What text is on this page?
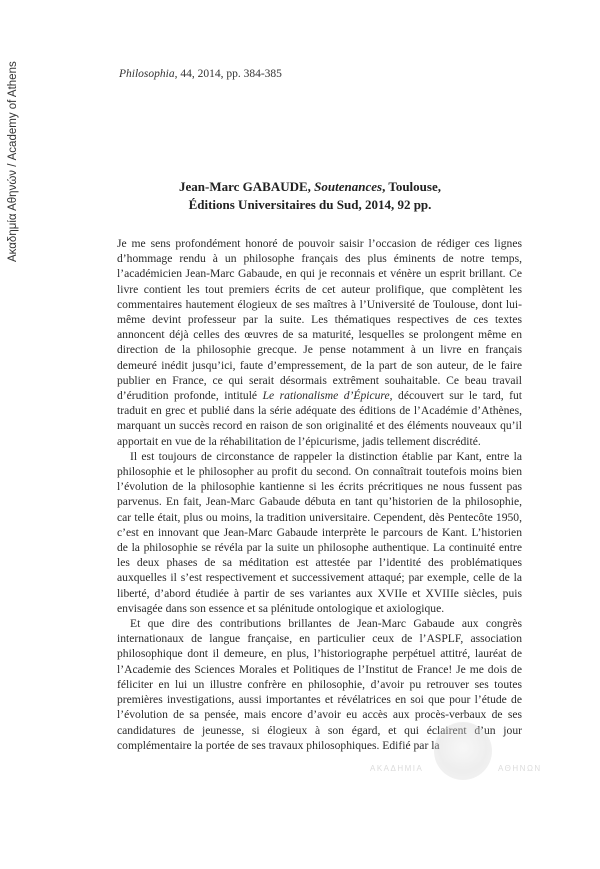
Ακαδημία Αθηνών / Academy of Athens	Philosophia, 44, 2014, pp. 384-385
Jean-Marc GABAUDE, Soutenances, Toulouse,
Éditions Universitaires du Sud, 2014, 92 pp.

Je me sens profondément honoré de pouvoir saisir l’occasion de rédiger ces lignes d’hommage rendu à un philosophe français des plus éminents de notre temps, l’académicien Jean-Marc Gabaude, en qui je reconnais et vénère un esprit brillant. Ce livre contient les tout premiers écrits de cet auteur prolifique, que complètent les commentaires hautement élogieux de ses maîtres à l’Université de Toulouse, dont lui-même devint professeur par la suite. Les thématiques respectives de ces textes annoncent déjà celles des œuvres de sa maturité, lesquelles se prolongent même en direction de la philosophie grecque. Je pense notamment à un livre en français demeuré inédit jusqu’ici, faute d’empressement, de la part de son auteur, de le faire publier en France, ce qui serait désormais extrêment souhaitable. Ce beau travail d’érudition profonde, intitulé Le rationalisme d’Épicure, découvert sur le tard, fut traduit en grec et publié dans la série adéquate des éditions de l’Académie d’Athènes, marquant un succès record en raison de son originalité et des éléments nouveaux qu’il apportait en vue de la réhabilitation de l’épicurisme, jadis tellement discrédité.

Il est toujours de circonstance de rappeler la distinction établie par Kant, entre la philosophie et le philosopher au profit du second. On connaîtrait toutefois moins bien l’évolution de la philosophie kantienne si les écrits précritiques ne nous fussent pas parvenus. En fait, Jean-Marc Gabaude débuta en tant qu’historien de la philosophie, car telle était, plus ou moins, la tradition universitaire. Cependent, dès Pentecôte 1950, c’est en innovant que Jean-Marc Gabaude interprète le parcours de Kant. L’historien de la philosophie se révéla par la suite un philosophe authentique. La continuité entre les deux phases de sa méditation est attestée par l’identité des problématiques auxquelles il s’est respectivement et successivement attaqué; par exemple, celle de la liberté, d’abord étudiée à partir de ses variantes aux XVIIe et XVIIIe siècles, puis envisagée dans son essence et sa plénitude ontologique et axiologique.

Et que dire des contributions brillantes de Jean-Marc Gabaude aux congrès internationaux de langue française, en particulier ceux de l’ASPLF, association philosophique dont il demeure, en plus, l’historiographe perpétuel attitré, lauréat de l’Academie des Sciences Morales et Politiques de l’Institut de France! Je me dois de féliciter en lui un illustre confrère en philosophie, d’avoir pu retrouver ses toutes premières investigations, aussi importantes et révélatrices en soi que pour l’étude de l’évolution de sa pensée, mais encore d’avoir eu accès aux procès-verbaux de ses candidatures de jeunesse, si élogieux à son égard, et qui éclairent d’un jour complémentaire la portée de ses travaux philosophiques. Edifié par la

ΑΚΑΔΗΜΙΑ	ΑΘΗΝΩΝ
